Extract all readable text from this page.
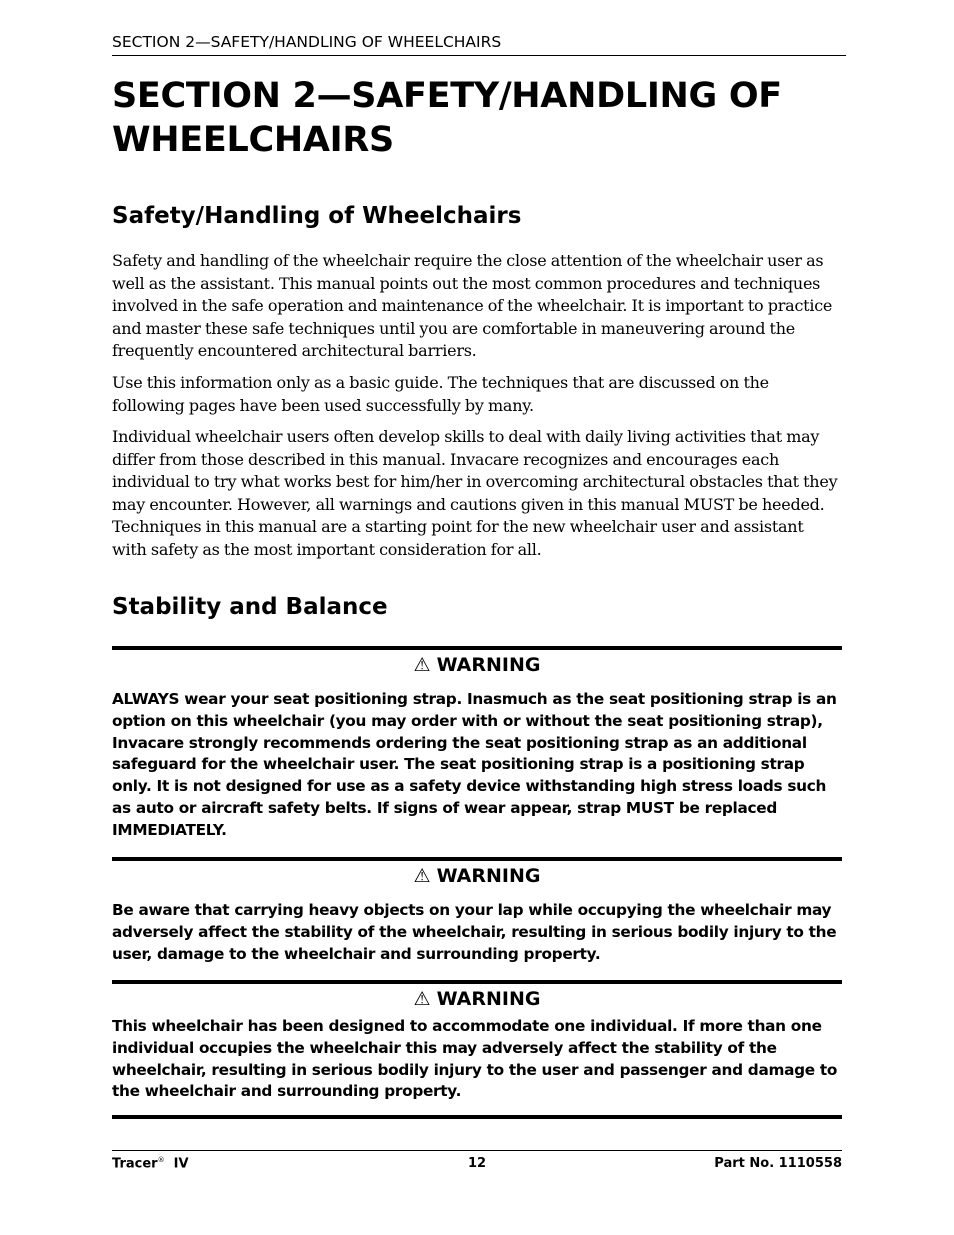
SECTION 2—SAFETY/HANDLING OF WHEELCHAIRS
SECTION 2—SAFETY/HANDLING OF
WHEELCHAIRS
Safety/Handling of Wheelchairs

Safety and handling of the wheelchair require the close attention of the wheelchair user as well as the assistant. This manual points out the most common procedures and techniques involved in the safe operation and maintenance of the wheelchair. It is important to practice and master these safe techniques until you are comfortable in maneuvering around the frequently encountered architectural barriers.

Use this information only as a basic guide. The techniques that are discussed on the following pages have been used successfully by many.

Individual wheelchair users often develop skills to deal with daily living activities that may differ from those described in this manual. Invacare recognizes and encourages each individual to try what works best for him/her in overcoming architectural obstacles that they may encounter. However, all warnings and cautions given in this manual MUST be heeded. Techniques in this manual are a starting point for the new wheelchair user and assistant with safety as the most important consideration for all.

Stability and Balance
⚠ WARNING

ALWAYS wear your seat positioning strap. Inasmuch as the seat positioning strap is an option on this wheelchair (you may order with or without the seat positioning strap), Invacare strongly recommends ordering the seat positioning strap as an additional safeguard for the wheelchair user. The seat positioning strap is a positioning strap only. It is not designed for use as a safety device withstanding high stress loads such as auto or aircraft safety belts. If signs of wear appear, strap MUST be replaced IMMEDIATELY.

⚠ WARNING

Be aware that carrying heavy objects on your lap while occupying the wheelchair may adversely affect the stability of the wheelchair, resulting in serious bodily injury to the user, damage to the wheelchair and surrounding property.

⚠ WARNING

This wheelchair has been designed to accommodate one individual. If more than one individual occupies the wheelchair this may adversely affect the stability of the wheelchair, resulting in serious bodily injury to the user and passenger and damage to the wheelchair and surrounding property.

Tracer® IV	12	Part No. 1110558
